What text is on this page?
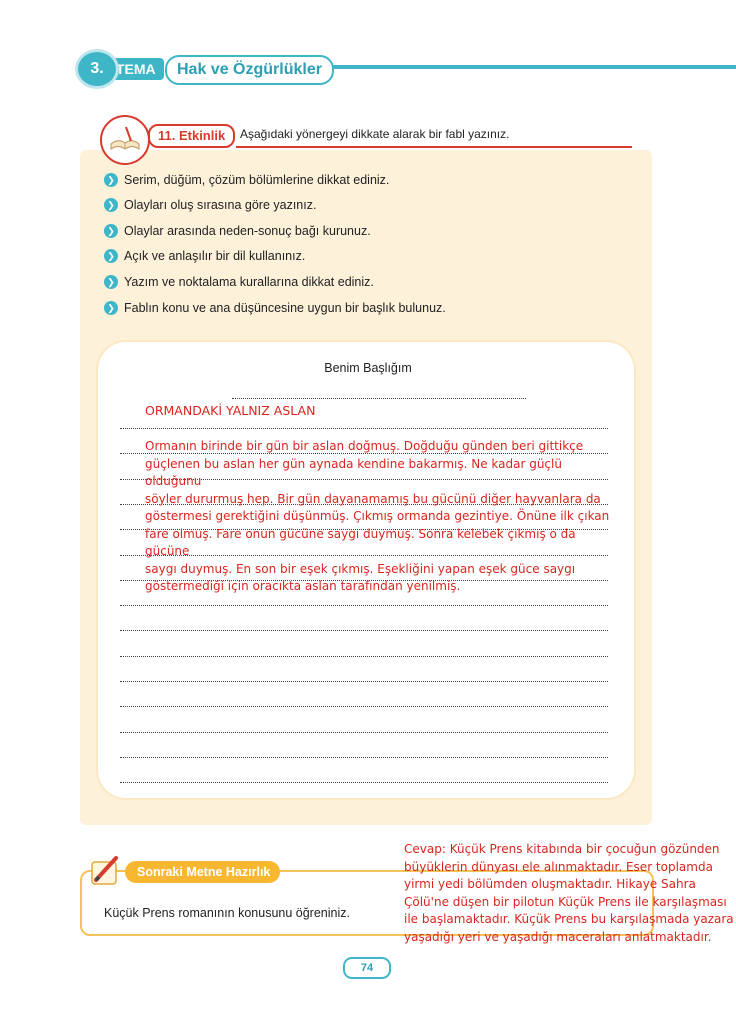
TEMA
3.	Hak ve Özgürlükler
11. Etkinlik	Aşağıdaki yönergeyi dikkate alarak bir fabl yazınız.
❯ Serim, düğüm, çözüm bölümlerine dikkat ediniz.
❯ Olayları oluş sırasına göre yazınız.
❯ Olaylar arasında neden-sonuç bağı kurunuz.
❯ Açık ve anlaşılır bir dil kullanınız.
❯ Yazım ve noktalama kurallarına dikkat ediniz.
❯ Fablın konu ve ana düşüncesine uygun bir başlık bulunuz.
Benim Başlığım
ORMANDAKİ YALNIZ ASLAN
Ormanın birinde bir gün bir aslan doğmuş. Doğduğu günden beri gittikçe
güçlenen bu aslan her gün aynada kendine bakarmış. Ne kadar güçlü olduğunu
söyler dururmuş hep. Bir gün dayanamamış bu gücünü diğer hayvanlara da
göstermesi gerektiğini düşünmüş. Çıkmış ormanda gezintiye. Önüne ilk çıkan
fare olmuş. Fare onun gücüne saygı duymuş. Sonra kelebek çıkmış o da gücüne
saygı duymuş. En son bir eşek çıkmış. Eşekliğini yapan eşek güce saygı
göstermediği için oracıkta aslan tarafından yenilmiş.
Sonraki Metne Hazırlık
Küçük Prens romanının konusunu öğreniniz.
Cevap: Küçük Prens kitabında bir çocuğun gözünden
büyüklerin dünyası ele alınmaktadır. Eser toplamda
yirmi yedi bölümden oluşmaktadır. Hikaye Sahra
Çölü'ne düşen bir pilotun Küçük Prens ile karşılaşması
ile başlamaktadır. Küçük Prens bu karşılaşmada yazara
yaşadığı yeri ve yaşadığı maceraları anlatmaktadır.
74
